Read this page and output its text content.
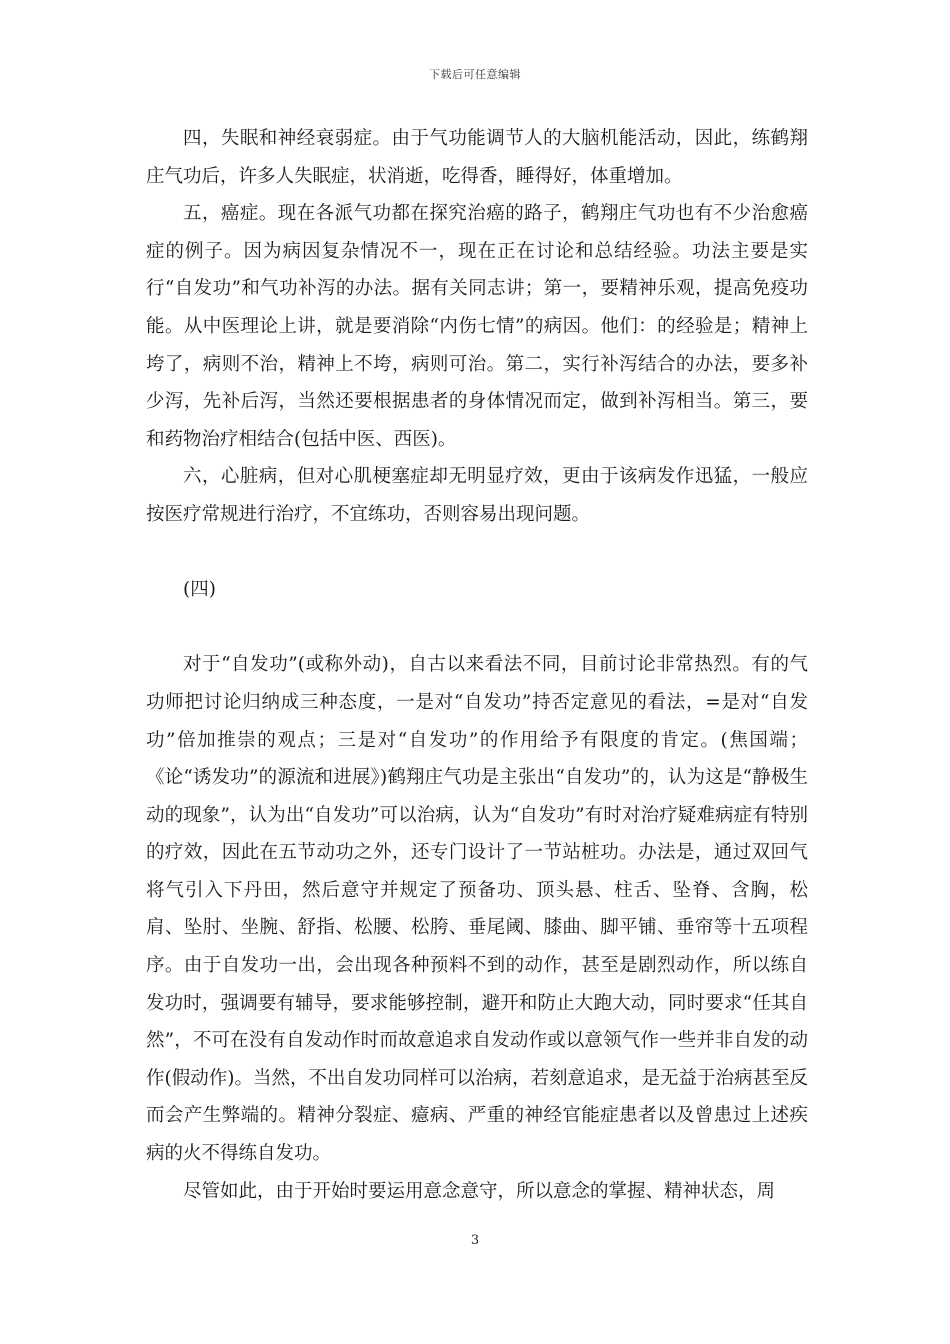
下载后可任意编辑

四，失眠和神经衰弱症。由于气功能调节人的大脑机能活动，因此，练鹤翔庄气功后，许多人失眠症，状消逝，吃得香，睡得好，体重增加。

五，癌症。现在各派气功都在探究治癌的路子，鹤翔庄气功也有不少治愈癌症的例子。因为病因复杂情况不一，现在正在讨论和总结经验。功法主要是实行“自发功”和气功补泻的办法。据有关同志讲；第一，要精神乐观，提高免疫功能。从中医理论上讲，就是要消除“内伤七情”的病因。他们：的经验是；精神上垮了，病则不治，精神上不垮，病则可治。第二，实行补泻结合的办法，要多补少泻，先补后泻，当然还要根据患者的身体情况而定，做到补泻相当。第三，要和药物治疗相结合(包括中医、西医)。

六，心脏病，但对心肌梗塞症却无明显疗效，更由于该病发作迅猛，一般应按医疗常规进行治疗，不宜练功，否则容易出现问题。

(四)

对于“自发功”(或称外动)，自古以来看法不同，目前讨论非常热烈。有的气功师把讨论归纳成三种态度，一是对“自发功”持否定意见的看法，=是对“自发功”倍加推崇的观点；三是对“自发功”的作用给予有限度的肯定。(焦国端；《论“诱发功”的源流和进展》)鹤翔庄气功是主张出“自发功”的，认为这是“静极生动的现象”，认为出“自发功”可以治病，认为“自发功”有时对治疗疑难病症有特别的疗效，因此在五节动功之外，还专门设计了一节站桩功。办法是，通过双回气将气引入下丹田，然后意守并规定了预备功、顶头悬、柱舌、坠脊、含胸，松肩、坠肘、坐腕、舒指、松腰、松胯、垂尾阈、膝曲、脚平铺、垂帘等十五项程序。由于自发功一出，会出现各种预料不到的动作，甚至是剧烈动作，所以练自发功时，强调要有辅导，要求能够控制，避开和防止大跑大动，同时要求“任其自然”，不可在没有自发动作时而故意追求自发动作或以意领气作一些并非自发的动作(假动作)。当然，不出自发功同样可以治病，若刻意追求，是无益于治病甚至反而会产生弊端的。精神分裂症、癔病、严重的神经官能症患者以及曾患过上述疾病的火不得练自发功。

尽管如此，由于开始时要运用意念意守，所以意念的掌握、精神状态，周

3
